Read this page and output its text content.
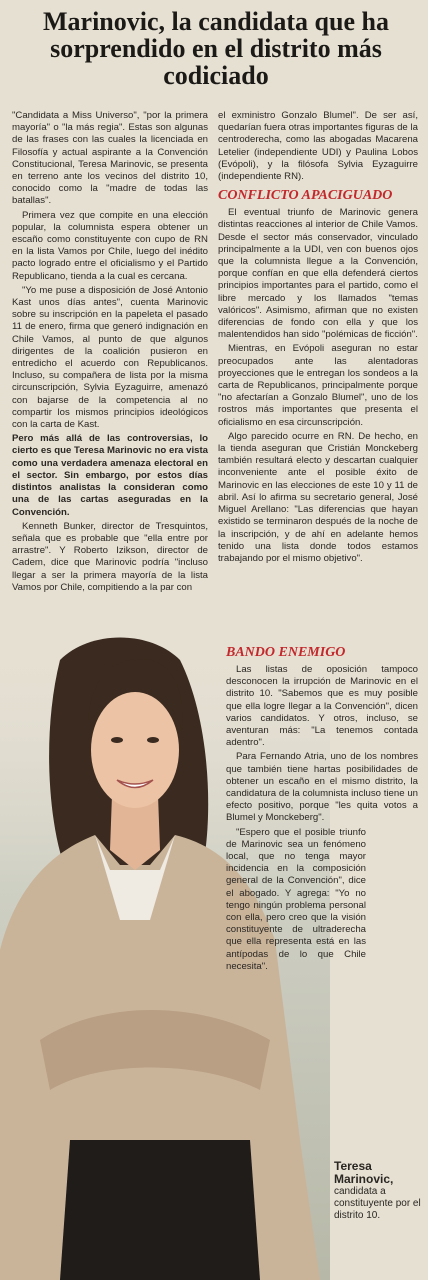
Marinovic, la candidata que ha sorprendido en el distrito más codiciado

"Candidata a Miss Universo", "por la primera mayoría" o "la más regia". Estas son algunas de las frases con las cuales la licenciada en Filosofía y actual aspirante a la Convención Constitucional, Teresa Marinovic, se presenta en terreno ante los vecinos del distrito 10, conocido como la "madre de todas las batallas".

Primera vez que compite en una elección popular, la columnista espera obtener un escaño como constituyente con cupo de RN en la lista Vamos por Chile, luego del inédito pacto logrado entre el oficialismo y el Partido Republicano, tienda a la cual es cercana.

"Yo me puse a disposición de José Antonio Kast unos días antes", cuenta Marinovic sobre su inscripción en la papeleta el pasado 11 de enero, firma que generó indignación en Chile Vamos, al punto de que algunos dirigentes de la coalición pusieron en entredicho el acuerdo con Republicanos. Incluso, su compañera de lista por la misma circunscripción, Sylvia Eyzaguirre, amenazó con bajarse de la competencia al no compartir los mismos principios ideológicos con la carta de Kast.

Pero más allá de las controversias, lo cierto es que Teresa Marinovic no era vista como una verdadera amenaza electoral en el sector. Sin embargo, por estos días distintos analistas la consideran como una de las cartas aseguradas en la Convención.

Kenneth Bunker, director de Tresquintos, señala que es probable que "ella entre por arrastre". Y Roberto Izikson, director de Cadem, dice que Marinovic podría "incluso llegar a ser la primera mayoría de la lista Vamos por Chile, compitiendo a la par con

el exministro Gonzalo Blumel". De ser así, quedarían fuera otras importantes figuras de la centroderecha, como las abogadas Macarena Letelier (independiente UDI) y Paulina Lobos (Evópoli), y la filósofa Sylvia Eyzaguirre (independiente RN).

CONFLICTO APACIGUADO

El eventual triunfo de Marinovic genera distintas reacciones al interior de Chile Vamos. Desde el sector más conservador, vinculado principalmente a la UDI, ven con buenos ojos que la columnista llegue a la Convención, porque confían en que ella defenderá ciertos principios importantes para el partido, como el libre mercado y los llamados "temas valóricos". Asimismo, afirman que no existen diferencias de fondo con ella y que los malentendidos han sido "polémicas de ficción".

Mientras, en Evópoli aseguran no estar preocupados ante las alentadoras proyecciones que le entregan los sondeos a la carta de Republicanos, principalmente porque "no afectarían a Gonzalo Blumel", uno de los rostros más importantes que presenta el oficialismo en esa circunscripción.

Algo parecido ocurre en RN. De hecho, en la tienda aseguran que Cristián Monckeberg también resultará electo y descartan cualquier inconveniente ante el posible éxito de Marinovic en las elecciones de este 10 y 11 de abril. Así lo afirma su secretario general, José Miguel Arellano: "Las diferencias que hayan existido se terminaron después de la noche de la inscripción, y de ahí en adelante hemos tenido una lista donde todos estamos trabajando por el mismo objetivo".

BANDO ENEMIGO

Las listas de oposición tampoco desconocen la irrupción de Marinovic en el distrito 10. "Sabemos que es muy posible que ella logre llegar a la Convención", dicen varios candidatos. Y otros, incluso, se aventuran más: "La tenemos contada adentro".

Para Fernando Atria, uno de los nombres que también tiene hartas posibilidades de obtener un escaño en el mismo distrito, la candidatura de la columnista incluso tiene un efecto positivo, porque "les quita votos a Blumel y Monckeberg".

"Espero que el posible triunfo de Marinovic sea un fenómeno local, que no tenga mayor incidencia en la composición general de la Convención", dice el abogado. Y agrega: "Yo no tengo ningún problema personal con ella, pero creo que la visión constituyente de ultraderecha que ella representa está en las antípodas de lo que Chile necesita".

Teresa Marinovic,
candidata a constituyente por el distrito 10.
